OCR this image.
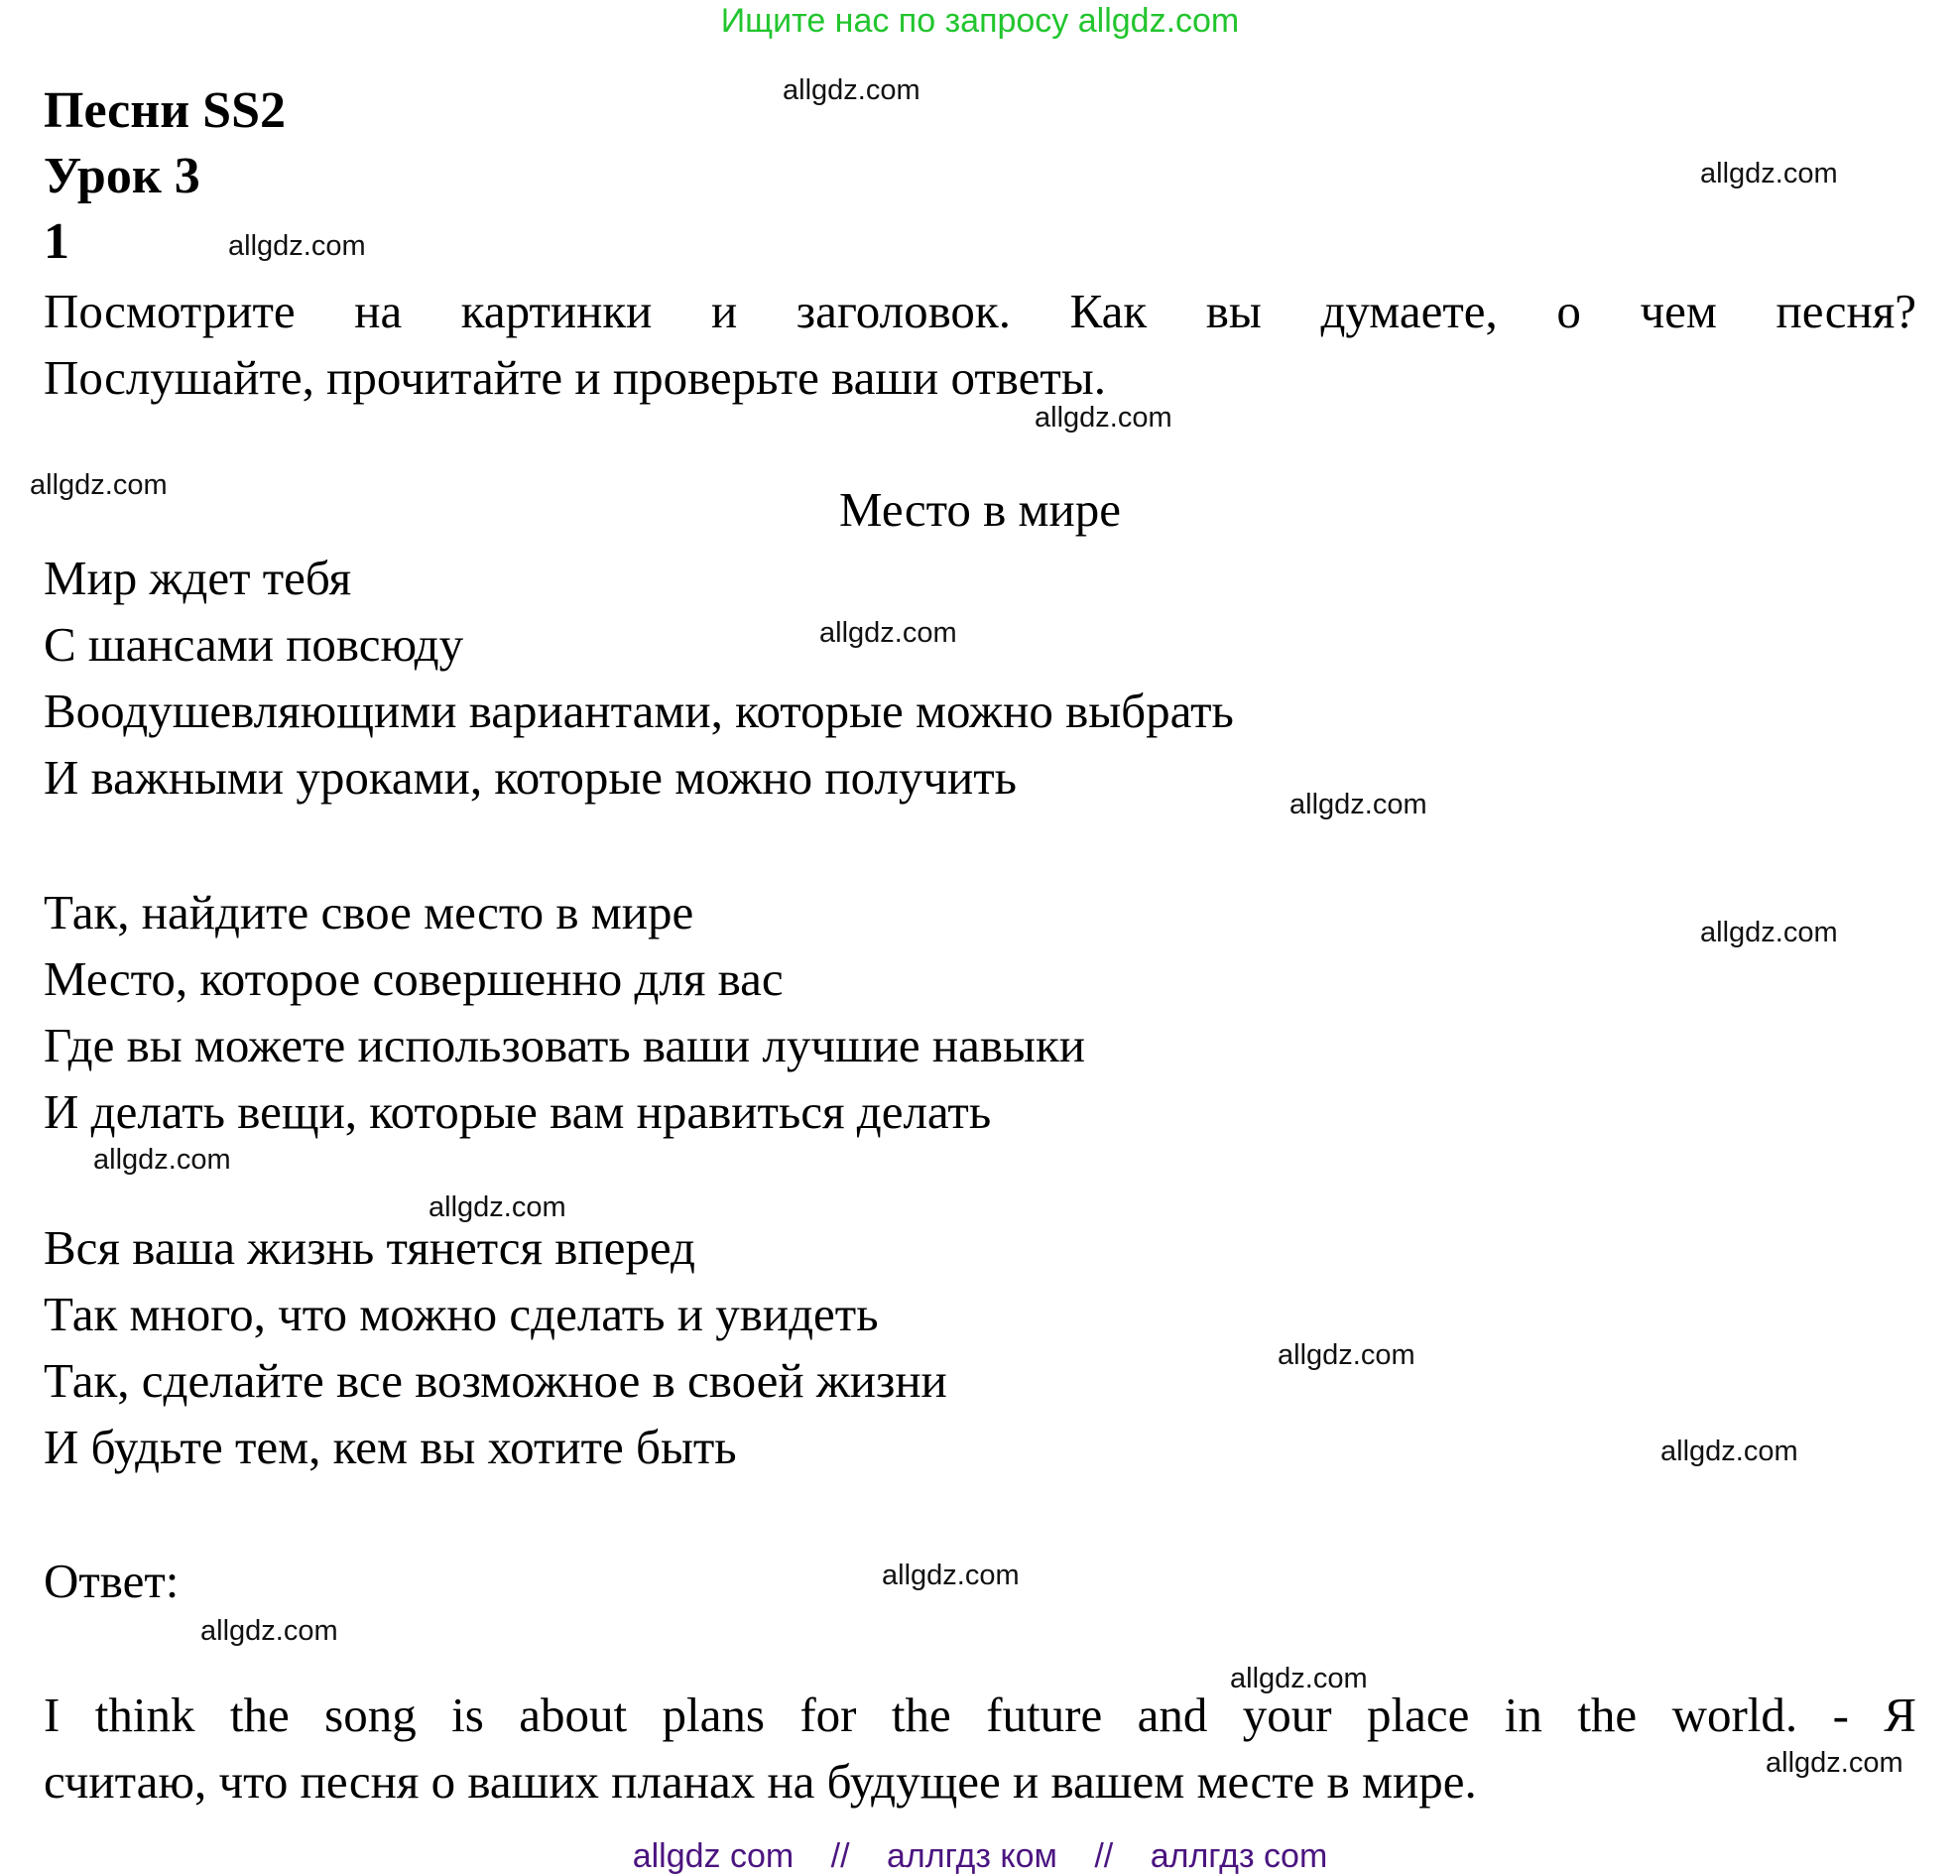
Ищите нас по запросу allgdz.com
Песни SS2
Урок 3
1
Посмотрите на картинки и заголовок. Как вы думаете, о чем песня?
Послушайте, прочитайте и проверьте ваши ответы.
Место в мире
Мир ждет тебя
С шансами повсюду
Воодушевляющими вариантами, которые можно выбрать
И важными уроками, которые можно получить
Так, найдите свое место в мире
Место, которое совершенно для вас
Где вы можете использовать ваши лучшие навыки
И делать вещи, которые вам нравиться делать
Вся ваша жизнь тянется вперед
Так много, что можно сделать и увидеть
Так, сделайте все возможное в своей жизни
И будьте тем, кем вы хотите быть
Ответ:
I think the song is about plans for the future and your place in the world. - Я
считаю, что песня о ваших планах на будущее и вашем месте в мире.
allgdz.com
allgdz.com
allgdz.com
allgdz.com
allgdz.com
allgdz.com
allgdz.com
allgdz.com
allgdz.com
allgdz.com
allgdz.com
allgdz.com
allgdz.com
allgdz.com
allgdz.com
allgdz.com
allgdz com // аллгдз ком // аллгдз com
